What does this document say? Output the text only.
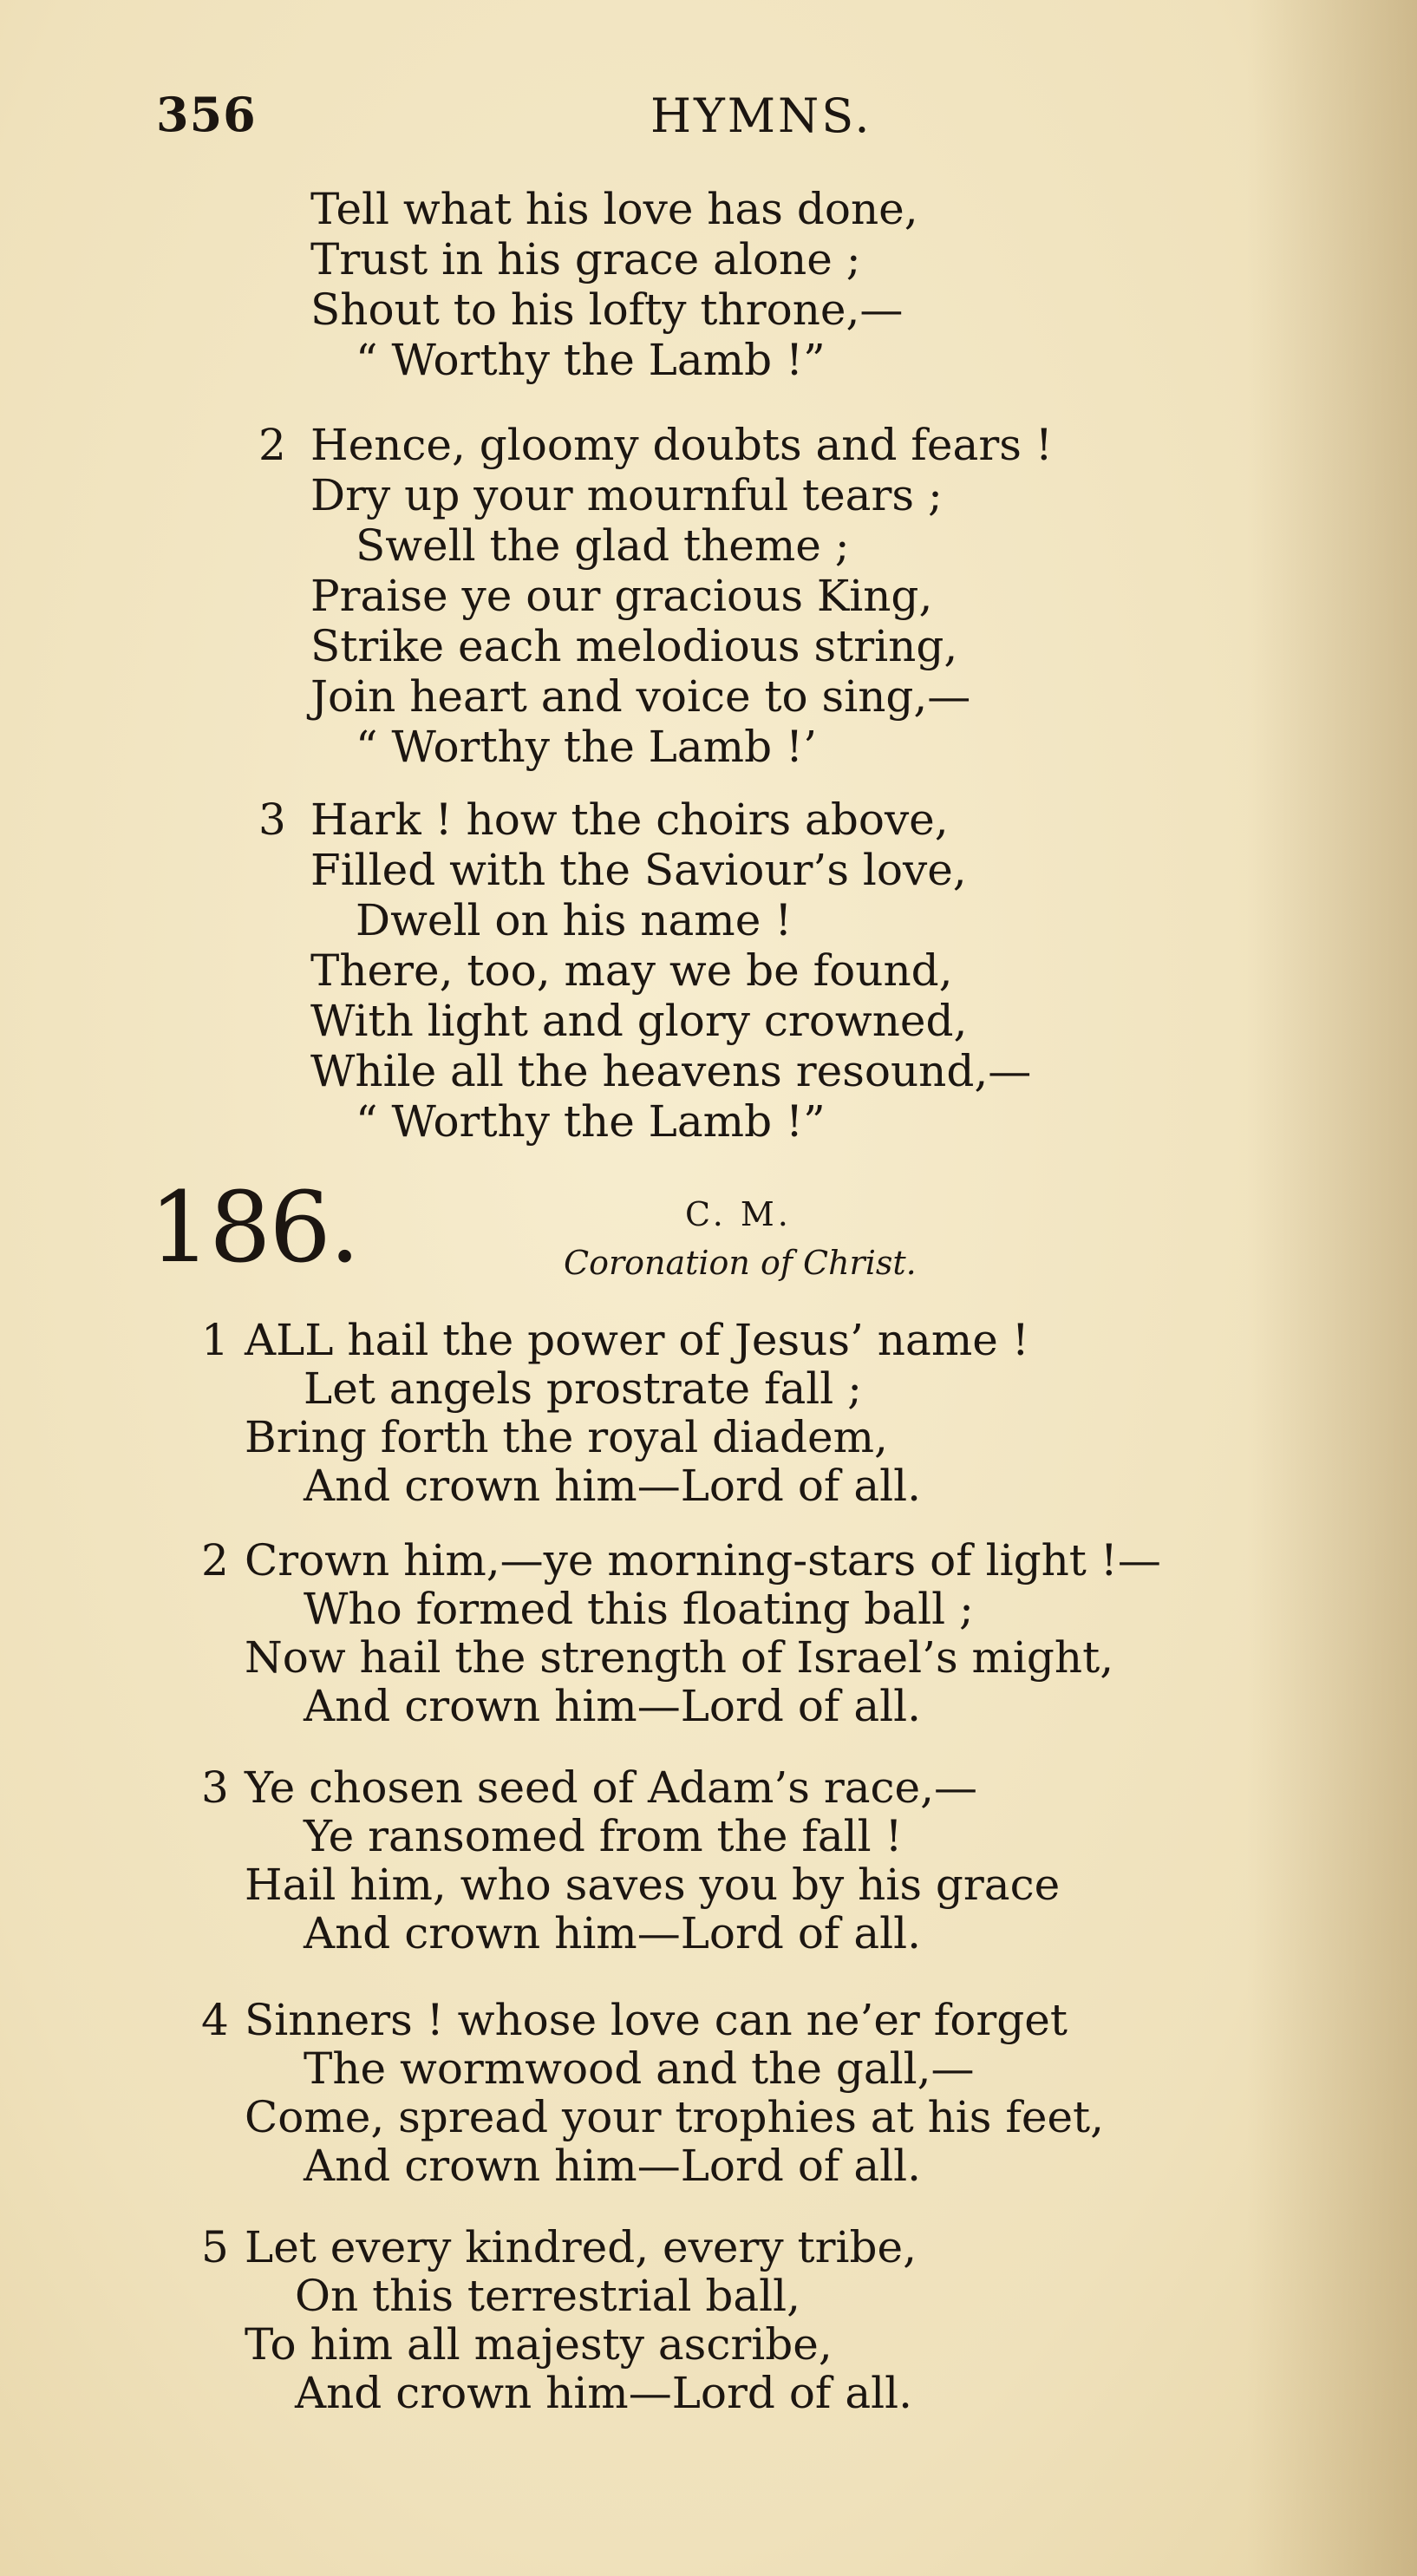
356	HYMNS.
Tell what his love has done,
Trust in his grace alone ;
Shout to his lofty throne,—
“ Worthy the Lamb !”
2 Hence, gloomy doubts and fears !
Dry up your mournful tears ;
Swell the glad theme ;
Praise ye our gracious King,
Strike each melodious string,
Join heart and voice to sing,—
“ Worthy the Lamb !’
3 Hark ! how the choirs above,
Filled with the Saviour’s love,
Dwell on his name !
There, too, may we be found,
With light and glory crowned,
While all the heavens resound,—
“ Worthy the Lamb !”
186.	C. M.
Coronation of Christ.
1 ALL hail the power of Jesus’ name !
Let angels prostrate fall ;
Bring forth the royal diadem,
And crown him—Lord of all.
2 Crown him,—ye morning-stars of light !—
Who formed this floating ball ;
Now hail the strength of Israel’s might,
And crown him—Lord of all.
3 Ye chosen seed of Adam’s race,—
Ye ransomed from the fall !
Hail him, who saves you by his grace
And crown him—Lord of all.
4 Sinners ! whose love can ne’er forget
The wormwood and the gall,—
Come, spread your trophies at his feet,
And crown him—Lord of all.
5 Let every kindred, every tribe,
On this terrestrial ball,
To him all majesty ascribe,
And crown him—Lord of all.
